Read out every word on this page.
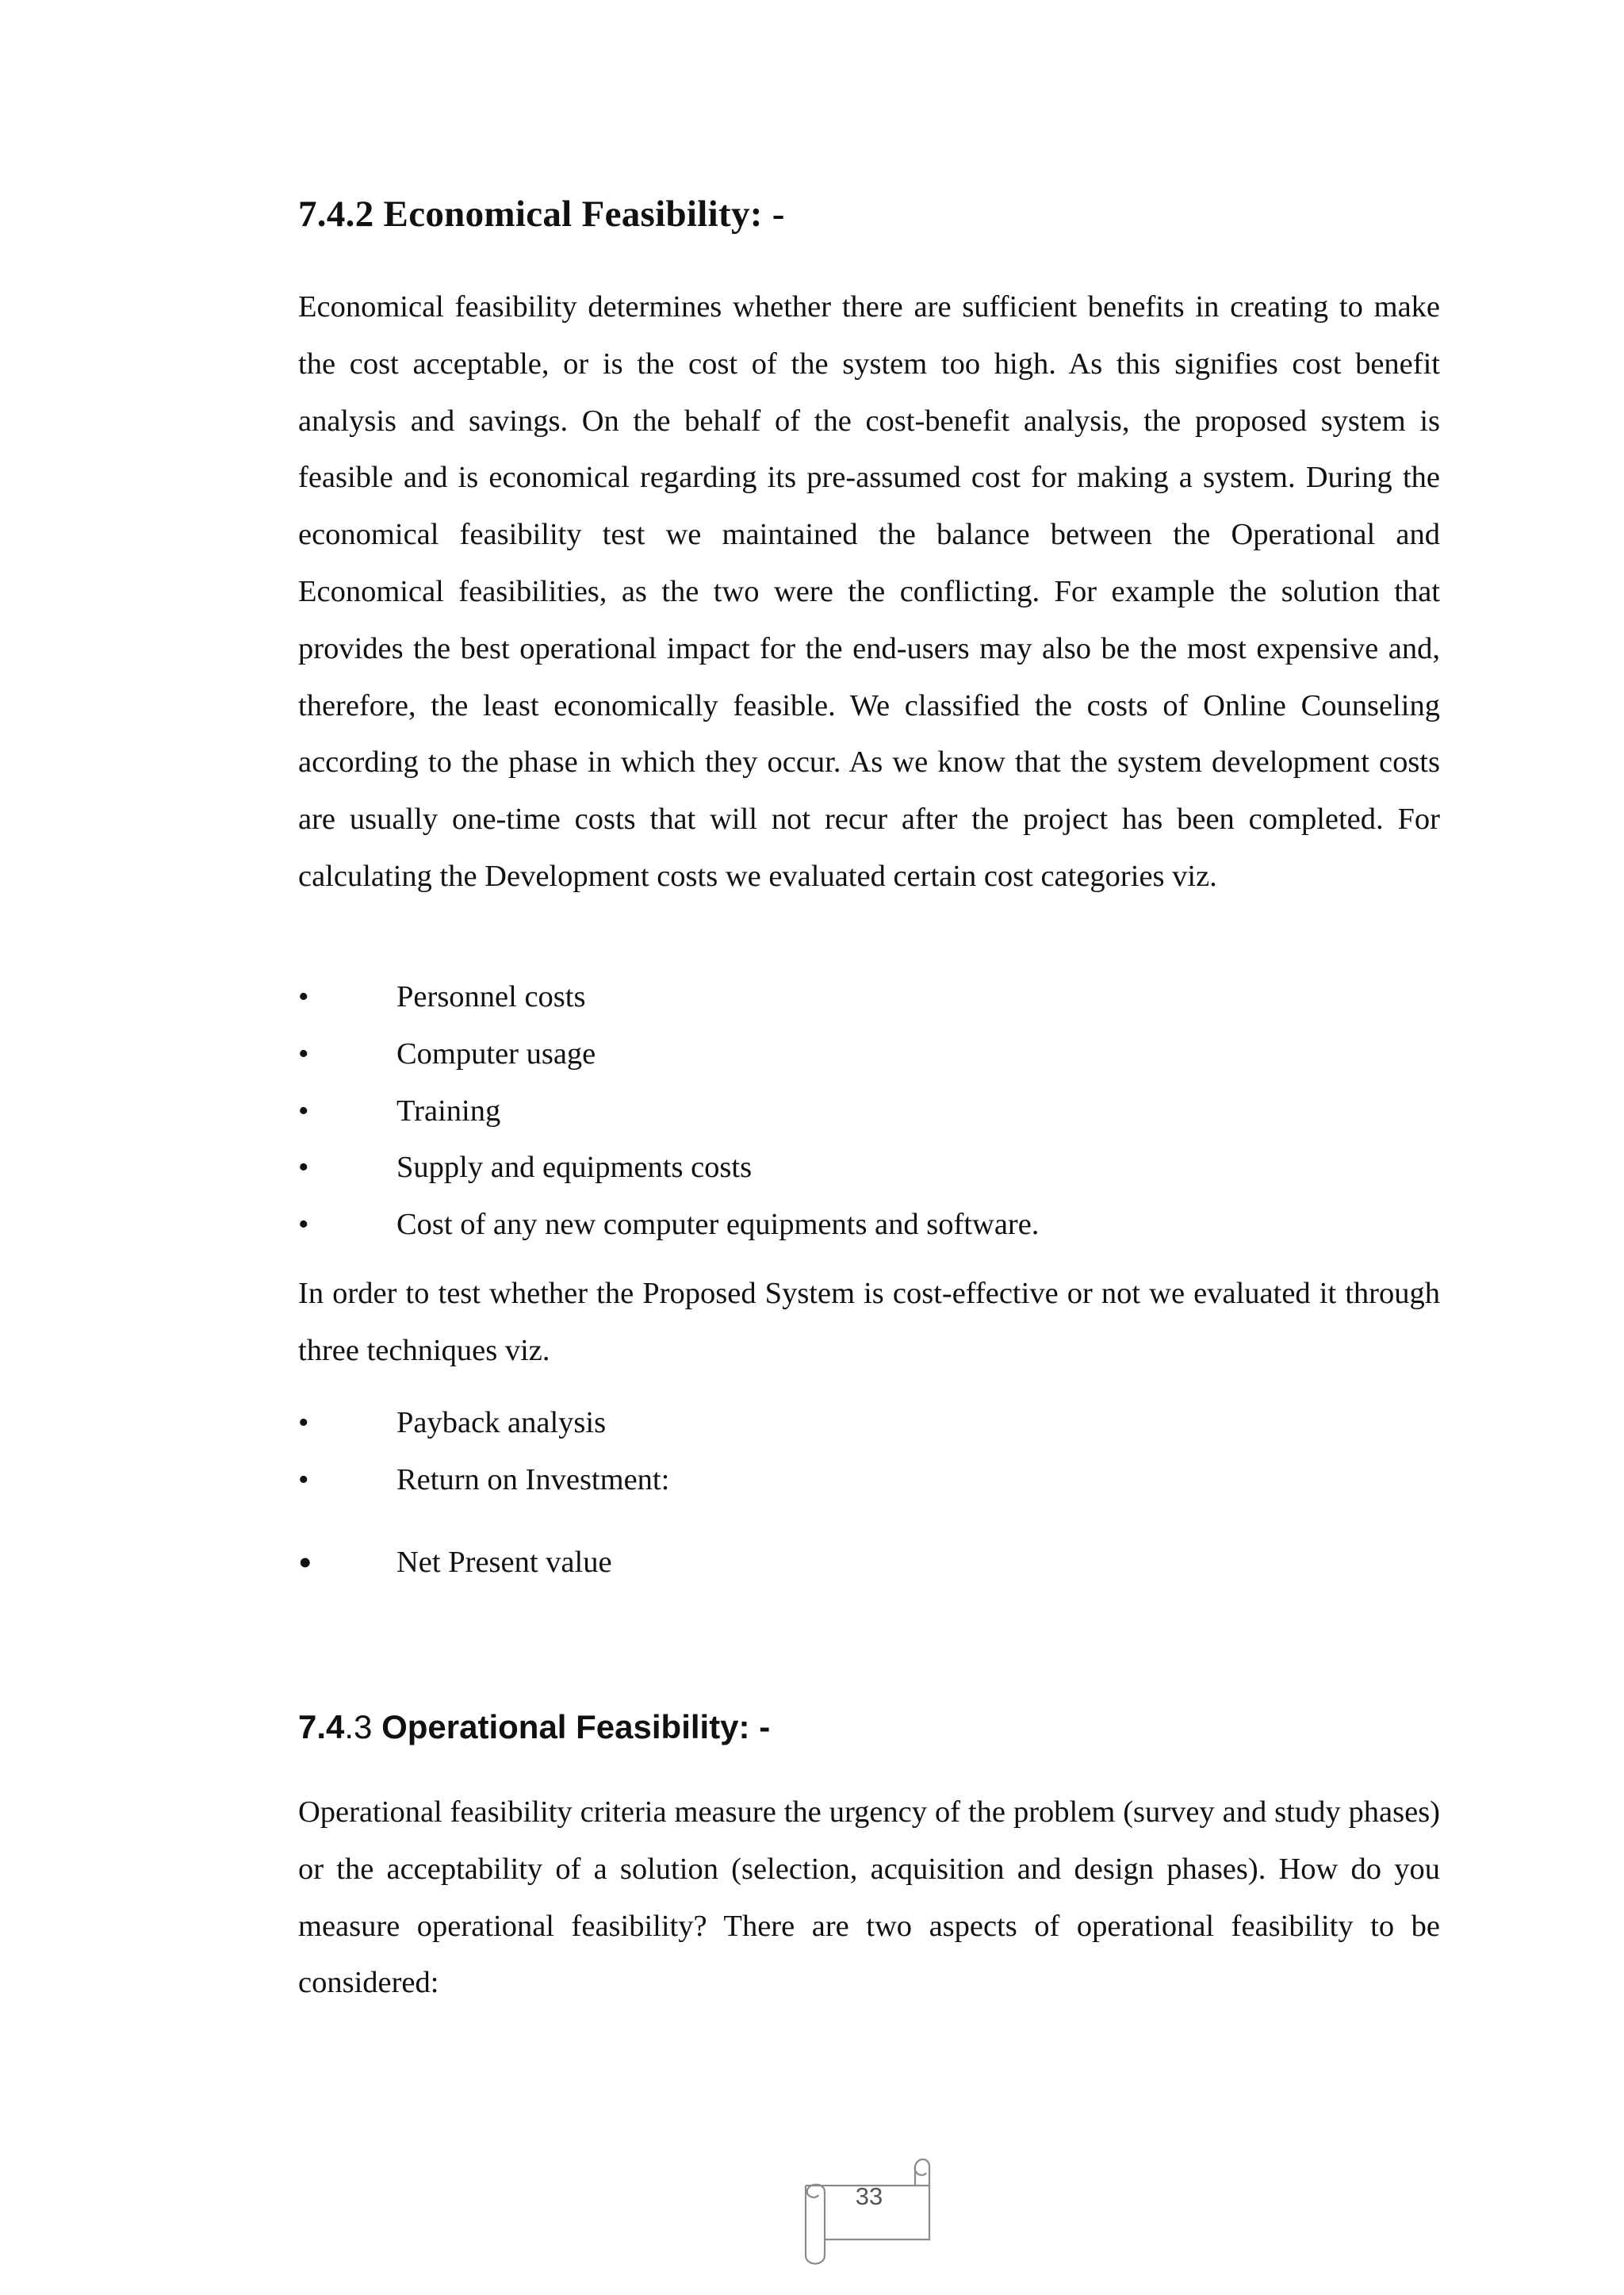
7.4.2 Economical Feasibility: -

Economical feasibility determines whether there are sufficient benefits in creating to make the cost acceptable, or is the cost of the system too high. As this signifies cost benefit analysis and savings. On the behalf of the cost-benefit analysis, the proposed system is feasible and is economical regarding its pre-assumed cost for making a system. During the economical feasibility test we maintained the balance between the Operational and Economical feasibilities, as the two were the conflicting. For example the solution that provides the best operational impact for the end-users may also be the most expensive and, therefore, the least economically feasible. We classified the costs of Online Counseling according to the phase in which they occur. As we know that the system development costs are usually one-time costs that will not recur after the project has been completed. For calculating the Development costs we evaluated certain cost categories viz.

•	Personnel costs
•	Computer usage
•	Training
•	Supply and equipments costs
•	Cost of any new computer equipments and software.

In order to test whether the Proposed System is cost-effective or not we evaluated it through three techniques viz.

•	Payback analysis
•	Return on Investment:
•	Net Present value
7.4.3 Operational Feasibility: -

Operational feasibility criteria measure the urgency of the problem (survey and study phases) or the acceptability of a solution (selection, acquisition and design phases). How do you measure operational feasibility? There are two aspects of operational feasibility to be considered:

33
